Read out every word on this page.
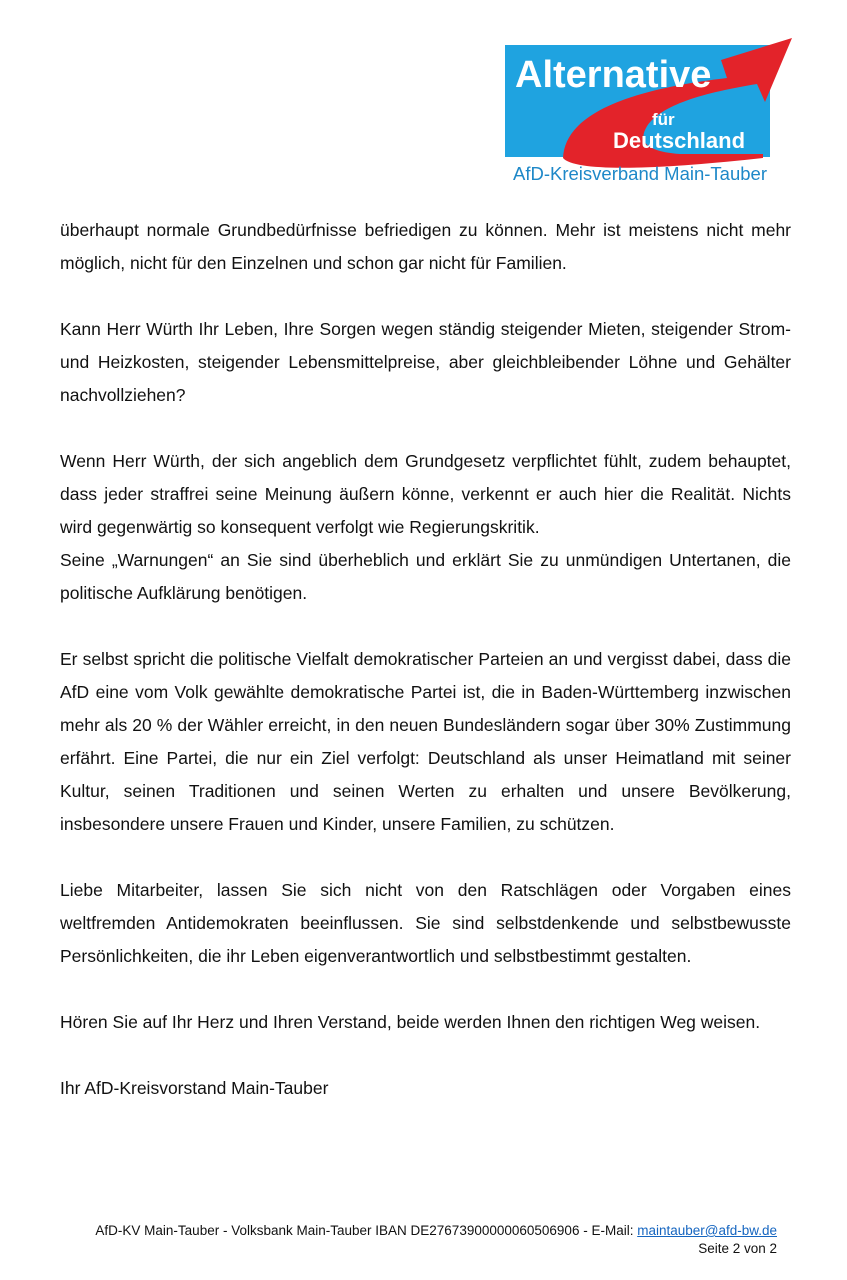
Alternative
für
Deutschland
AfD-Kreisverband Main-Tauber

überhaupt normale Grundbedürfnisse befriedigen zu können. Mehr ist meistens nicht mehr möglich, nicht für den Einzelnen und schon gar nicht für Familien.

Kann Herr Würth Ihr Leben, Ihre Sorgen wegen ständig steigender Mieten, steigender Strom- und Heizkosten, steigender Lebensmittelpreise, aber gleichbleibender Löhne und Gehälter nachvollziehen?

Wenn Herr Würth, der sich angeblich dem Grundgesetz verpflichtet fühlt, zudem behauptet, dass jeder straffrei seine Meinung äußern könne, verkennt er auch hier die Realität. Nichts wird gegenwärtig so konsequent verfolgt wie Regierungskritik.

Seine „Warnungen“ an Sie sind überheblich und erklärt Sie zu unmündigen Untertanen, die politische Aufklärung benötigen.

Er selbst spricht die politische Vielfalt demokratischer Parteien an und vergisst dabei, dass die AfD eine vom Volk gewählte demokratische Partei ist, die in Baden-Württemberg inzwischen mehr als 20 % der Wähler erreicht, in den neuen Bundesländern sogar über 30% Zustimmung erfährt. Eine Partei, die nur ein Ziel verfolgt: Deutschland als unser Heimatland mit seiner Kultur, seinen Traditionen und seinen Werten zu erhalten und unsere Bevölkerung, insbesondere unsere Frauen und Kinder, unsere Familien, zu schützen.

Liebe Mitarbeiter, lassen Sie sich nicht von den Ratschlägen oder Vorgaben eines weltfremden Antidemokraten beeinflussen. Sie sind selbstdenkende und selbstbewusste Persönlichkeiten, die ihr Leben eigenverantwortlich und selbstbestimmt gestalten.

Hören Sie auf Ihr Herz und Ihren Verstand, beide werden Ihnen den richtigen Weg weisen.

Ihr AfD-Kreisvorstand Main-Tauber

AfD-KV Main-Tauber - Volksbank Main-Tauber IBAN DE27673900000060506906 - E-Mail: maintauber@afd-bw.de
Seite 2 von 2
